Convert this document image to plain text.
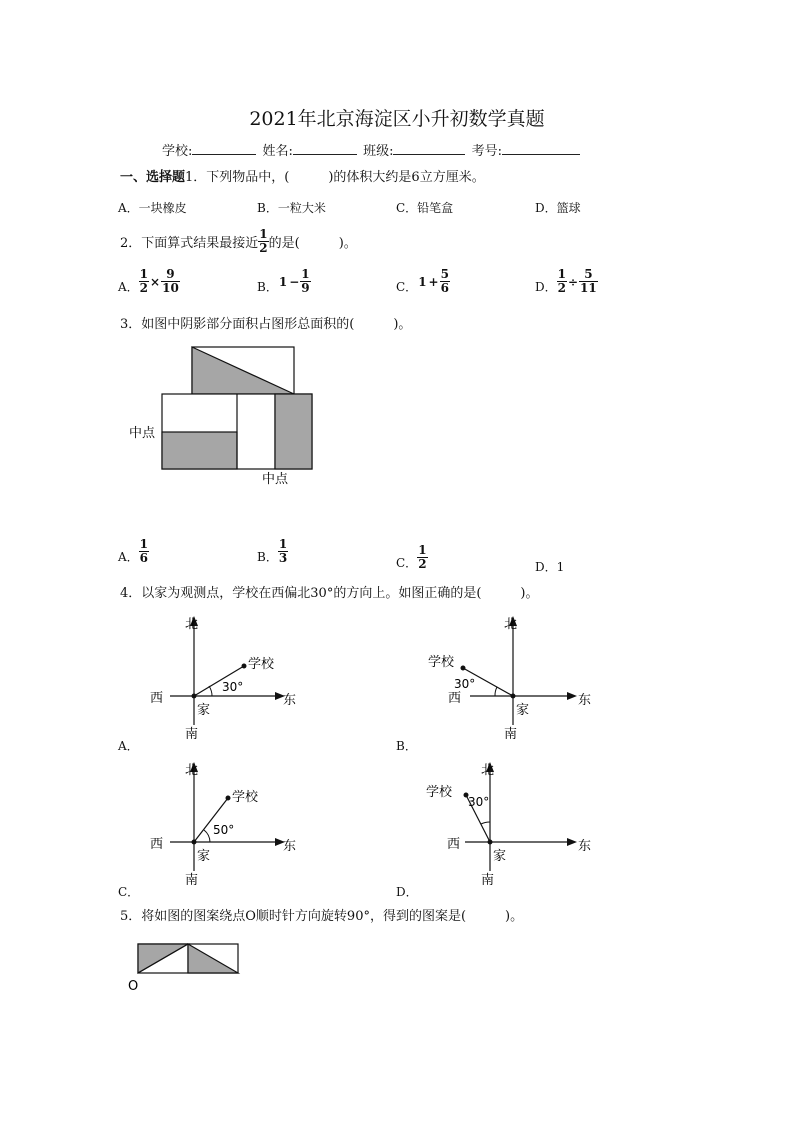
2021年北京海淀区小升初数学真题
学校:	姓名:	班级:	考号:
一、选择题1．下列物品中，(　　　)的体积大约是6立方厘米。
A．一块橡皮	B．一粒大米	C．铅笔盒	D．篮球
2．下面算式结果最接近 $\frac{1}{2}$ 的是(　　　)。
A． $\frac{1}{2} \times \frac{9}{10}$	B．$1 - \frac{1}{9}$	C．$1 + \frac{5}{6}$	D． $\frac{1}{2} \div \frac{5}{11}$
3．如图中阴影部分面积占图形总面积的(　　　)。
中点
中点
A． $\frac{1}{6}$	B． $\frac{1}{3}$	C． $\frac{1}{2}$	D．1
4．以家为观测点，学校在西偏北30°的方向上。如图正确的是(　　　)。
北
学校
30°
西	东
家
南
A．
北
学校
30°
西	东
家
南
B．
北
学校
50°
西	东
家
南
C．
北
学校
30°
西	东
家
南
D．
5．将如图的图案绕点O顺时针方向旋转90°，得到的图案是(　　　)。
O
